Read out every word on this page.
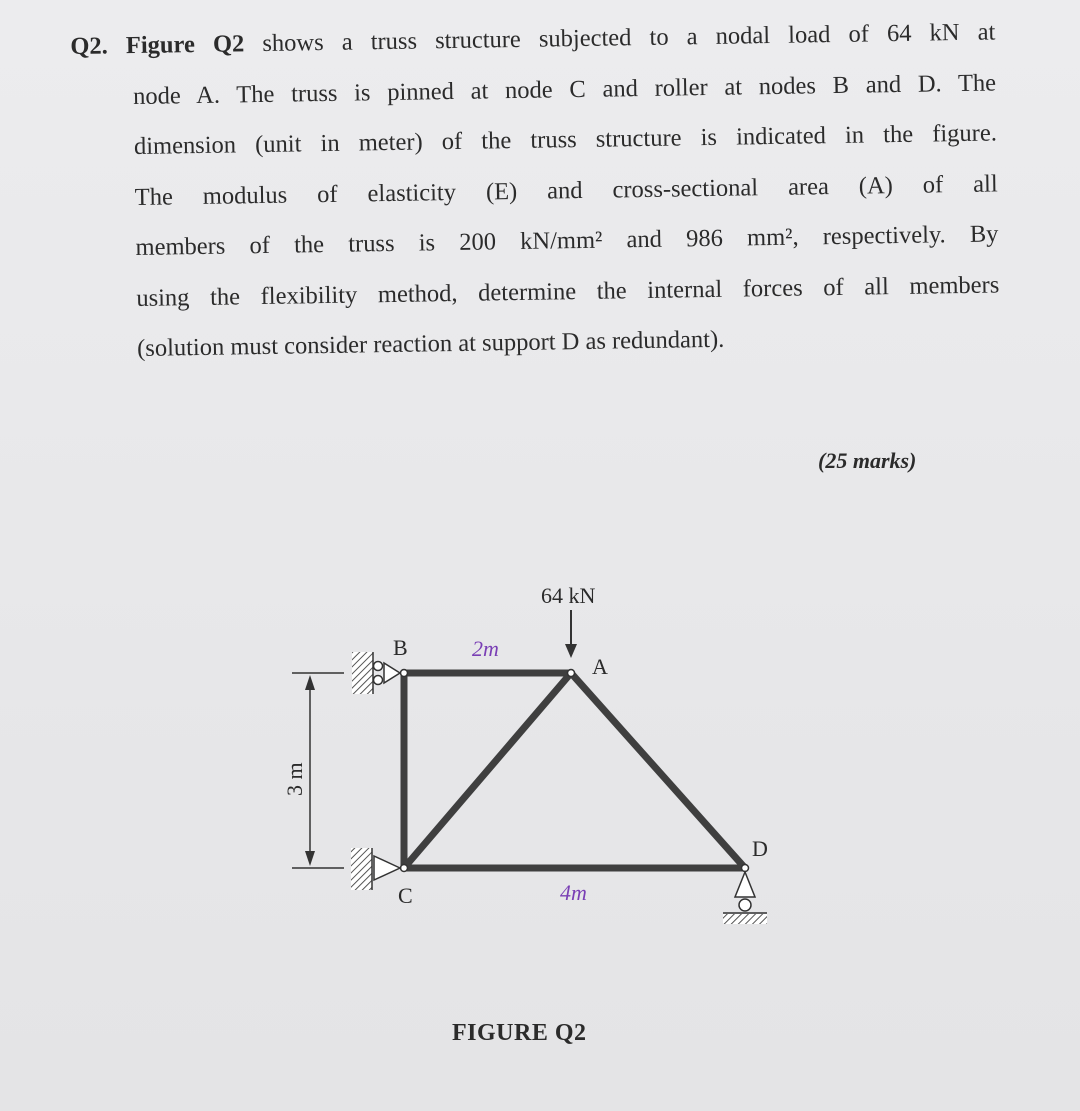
Q2. Figure Q2 shows a truss structure subjected to a nodal load of 64 kN at
node A. The truss is pinned at node C and roller at nodes B and D. The
dimension (unit in meter) of the truss structure is indicated in the figure.
The modulus of elasticity (E) and cross-sectional area (A) of all
members of the truss is 200 kN/mm² and 986 mm², respectively. By
using the flexibility method, determine the internal forces of all members
(solution must consider reaction at support D as redundant).
(25 marks)
64 kN
B
A
C
D
2m
4m
3 m
FIGURE Q2
